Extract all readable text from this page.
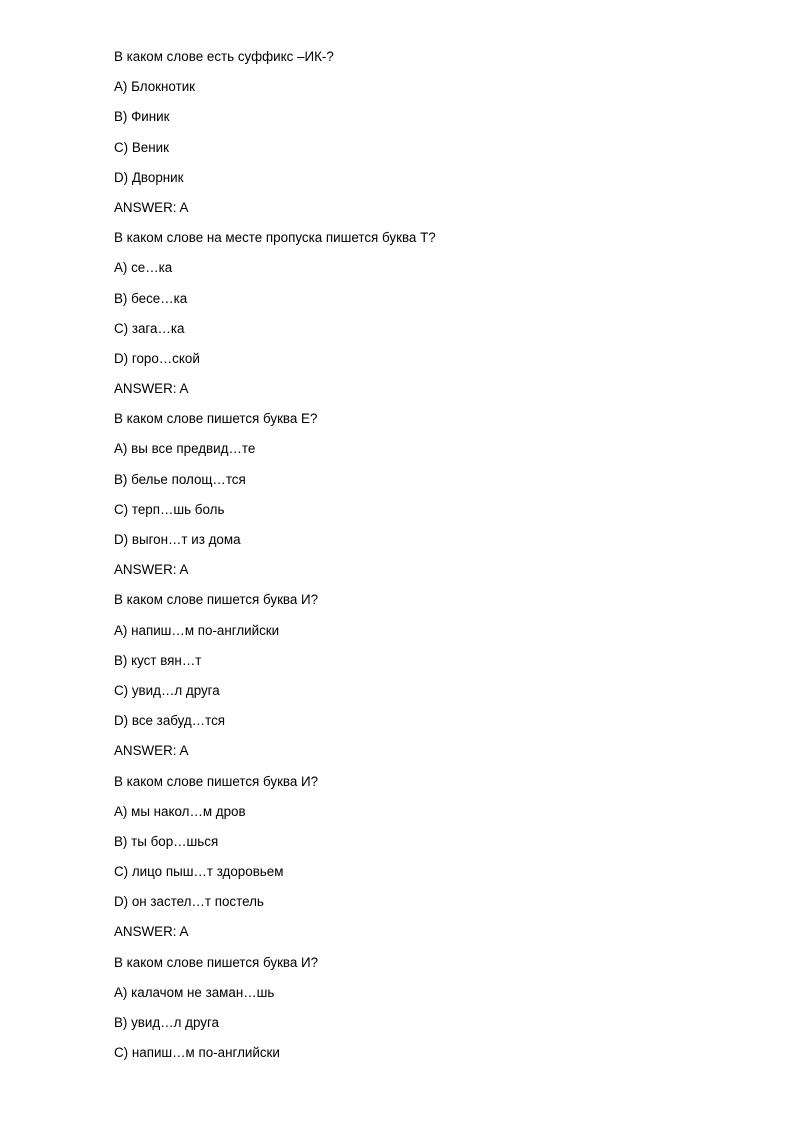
В каком слове есть суффикс –ИК-?
A) Блокнотик
B) Финик
C) Веник
D) Дворник
ANSWER: A
В каком слове на месте пропуска пишется буква Т?
A) се…ка
B) бесе…ка
C) зага…ка
D) горо…ской
ANSWER: A
В каком слове пишется буква Е?
A) вы все предвид…те
B) белье полощ…тся
C) терп…шь боль
D) выгон…т из дома
ANSWER: A
В каком слове пишется буква И?
A) напиш…м по-английски
B) куст вян…т
C) увид…л друга
D) все забуд…тся
ANSWER: A
В каком слове пишется буква И?
A) мы накол…м дров
B) ты бор…шься
C) лицо пыш…т здоровьем
D) он застел…т постель
ANSWER: A
В каком слове пишется буква И?
A) калачом не заман…шь
B) увид…л друга
C) напиш…м по-английски
